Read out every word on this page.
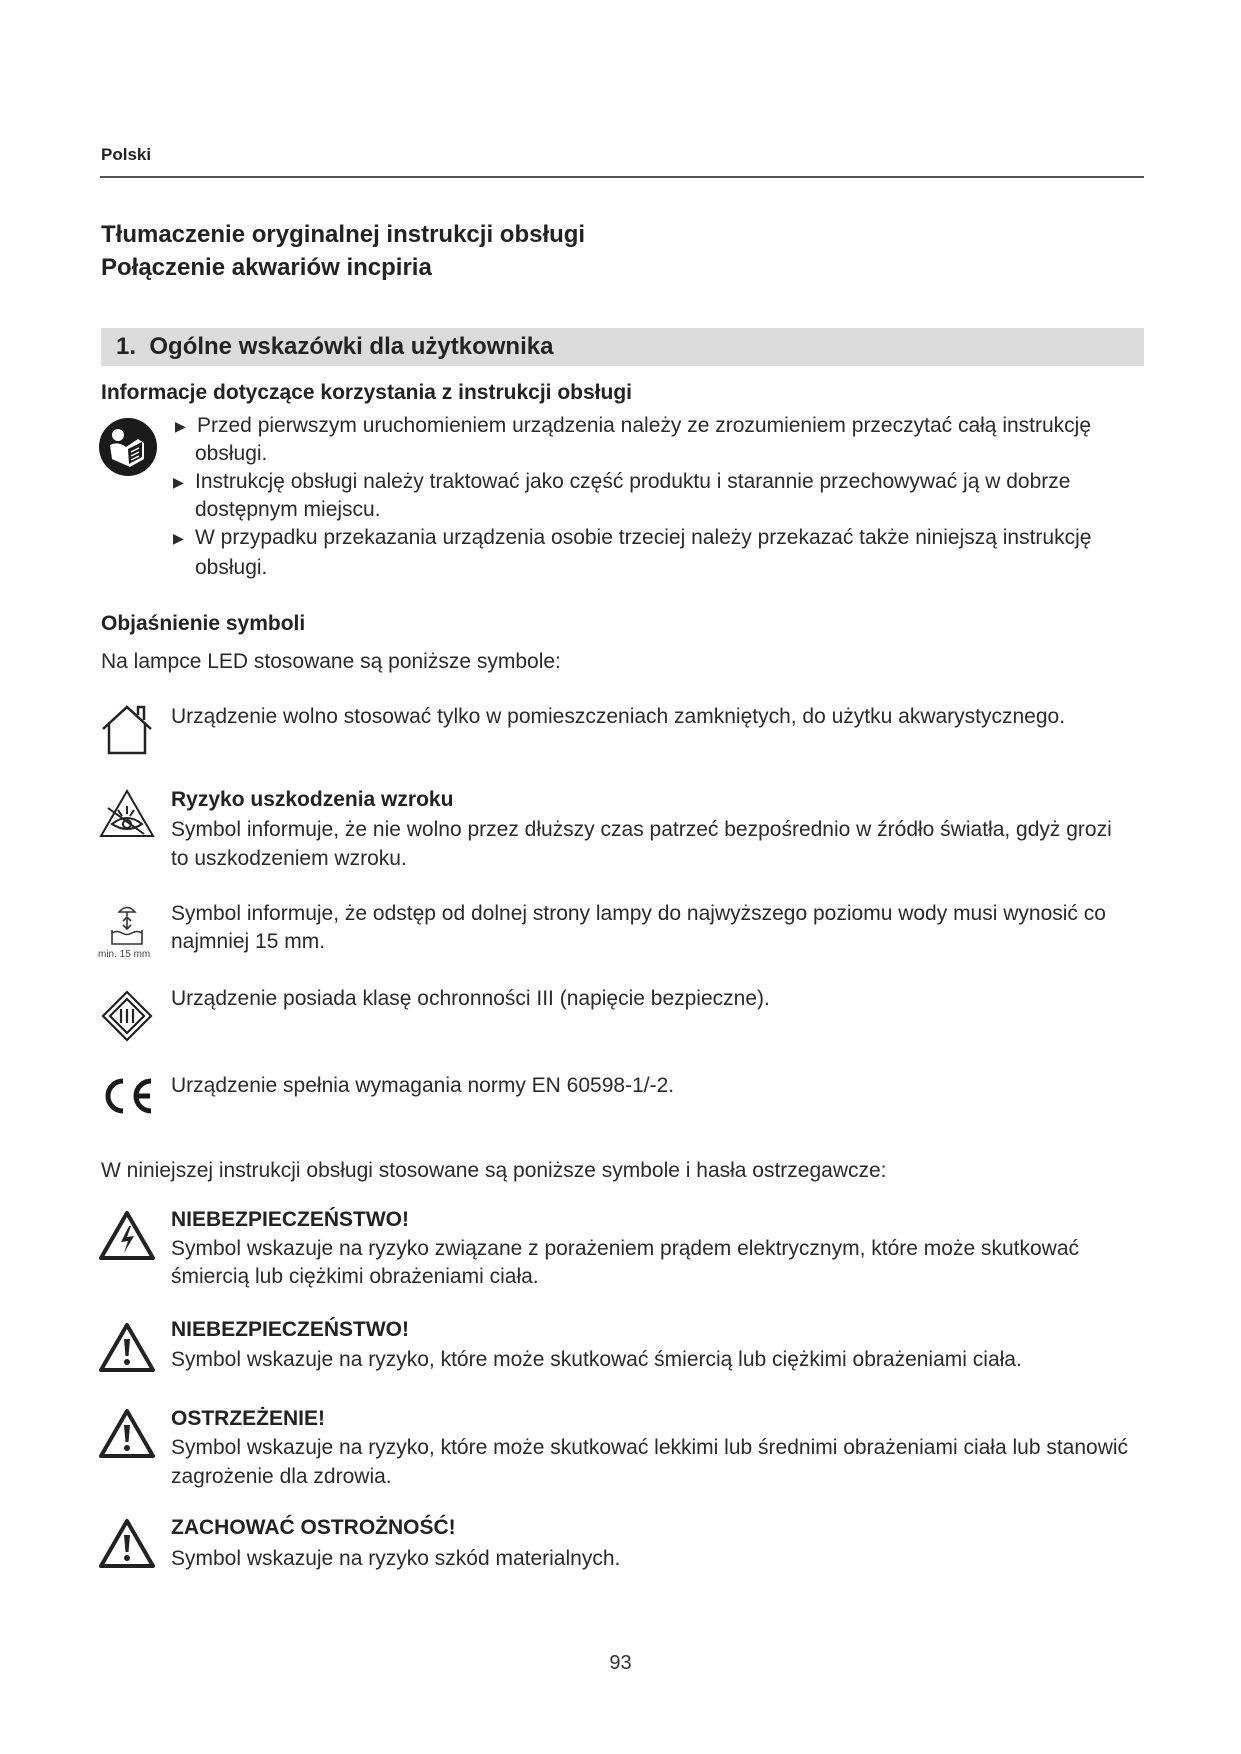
Polski
Tłumaczenie oryginalnej instrukcji obsługi
Połączenie akwariów incpiria
1. Ogólne wskazówki dla użytkownika
Informacje dotyczące korzystania z instrukcji obsługi
▶ Przed pierwszym uruchomieniem urządzenia należy ze zrozumieniem przeczytać całą instrukcję
obsługi.
▶ Instrukcję obsługi należy traktować jako część produktu i starannie przechowywać ją w dobrze
dostępnym miejscu.
▶ W przypadku przekazania urządzenia osobie trzeciej należy przekazać także niniejszą instrukcję
obsługi.
Objaśnienie symboli
Na lampce LED stosowane są poniższe symbole:
Urządzenie wolno stosować tylko w pomieszczeniach zamkniętych, do użytku akwarystycznego.
Ryzyko uszkodzenia wzroku
Symbol informuje, że nie wolno przez dłuższy czas patrzeć bezpośrednio w źródło światła, gdyż grozi
to uszkodzeniem wzroku.
min. 15 mm
Symbol informuje, że odstęp od dolnej strony lampy do najwyższego poziomu wody musi wynosić co
najmniej 15 mm.
Urządzenie posiada klasę ochronności III (napięcie bezpieczne).
Urządzenie spełnia wymagania normy EN 60598-1/-2.
W niniejszej instrukcji obsługi stosowane są poniższe symbole i hasła ostrzegawcze:
NIEBEZPIECZEŃSTWO!
Symbol wskazuje na ryzyko związane z porażeniem prądem elektrycznym, które może skutkować
śmiercią lub ciężkimi obrażeniami ciała.
NIEBEZPIECZEŃSTWO!
Symbol wskazuje na ryzyko, które może skutkować śmiercią lub ciężkimi obrażeniami ciała.
OSTRZEŻENIE!
Symbol wskazuje na ryzyko, które może skutkować lekkimi lub średnimi obrażeniami ciała lub stanowić
zagrożenie dla zdrowia.
ZACHOWAĆ OSTROŻNOŚĆ!
Symbol wskazuje na ryzyko szkód materialnych.
93
